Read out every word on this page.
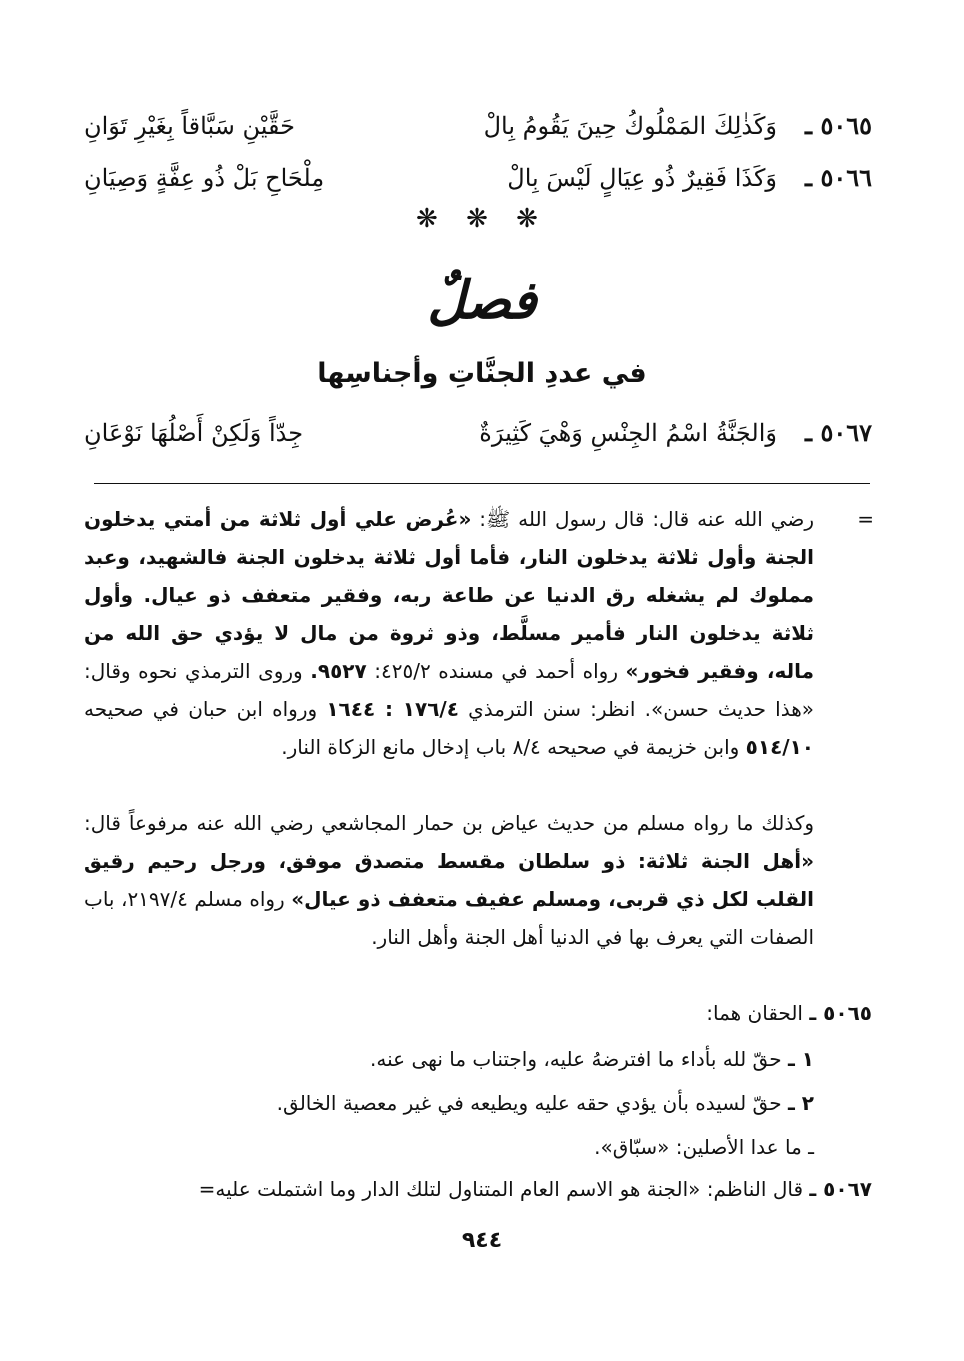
٥٠٦٥ ـ
وَكَذٰلِكَ المَمْلُوكُ حِينَ يَقُومُ بِالْ
حَقَّيْنِ سَبَّاقاً بِغَيْرِ تَوَانِ
٥٠٦٦ ـ
وَكَذَا فَقِيرٌ ذُو عِيَالٍ لَيْسَ بِالْ
مِلْحَاحِ بَلْ ذُو عِفَّةٍ وَصِيَانِ
❋ ❋ ❋
فصلٌ
في عددِ الجنَّاتِ وأجناسِها
٥٠٦٧ ـ
وَالجَنَّةُ اسْمُ الجِنْسِ وَهْيَ كَثِيرَةٌ
جِدّاً وَلَكِنْ أَصْلُهَا نَوْعَانِ
=
رضي الله عنه قال: قال رسول الله ﷺ: «عُرض علي أول ثلاثة من أمتي يدخلون الجنة وأول ثلاثة يدخلون النار، فأما أول ثلاثة يدخلون الجنة فالشهيد، وعبد مملوك لم يشغله رق الدنيا عن طاعة ربه، وفقير متعفف ذو عيال. وأول ثلاثة يدخلون النار فأمير مسلَّط، وذو ثروة من مال لا يؤدي حق الله من ماله، وفقير فخور» رواه أحمد في مسنده ٤٢٥/٢: ٩٥٢٧. وروى الترمذي نحوه وقال: «هذا حديث حسن». انظر: سنن الترمذي ١٧٦/٤ : ١٦٤٤ ورواه ابن حبان في صحيحه ٥١٤/١٠ وابن خزيمة في صحيحه ٨/٤ باب إدخال مانع الزكاة النار.
وكذلك ما رواه مسلم من حديث عياض بن حمار المجاشعي رضي الله عنه مرفوعاً قال: «أهل الجنة ثلاثة: ذو سلطان مقسط متصدق موفق، ورجل رحيم رقيق القلب لكل ذي قربى، ومسلم عفيف متعفف ذو عيال» رواه مسلم ٢١٩٧/٤، باب الصفات التي يعرف بها في الدنيا أهل الجنة وأهل النار.
٥٠٦٥ ـ الحقان هما:
١ ـ حقّ لله بأداء ما افترضهُ عليه، واجتناب ما نهى عنه.
٢ ـ حقّ لسيده بأن يؤدي حقه عليه ويطيعه في غير معصية الخالق.
ـ ما عدا الأصلين: «سبّاق».
٥٠٦٧ ـ قال الناظم: «الجنة هو الاسم العام المتناول لتلك الدار وما اشتملت عليه=
٩٤٤
